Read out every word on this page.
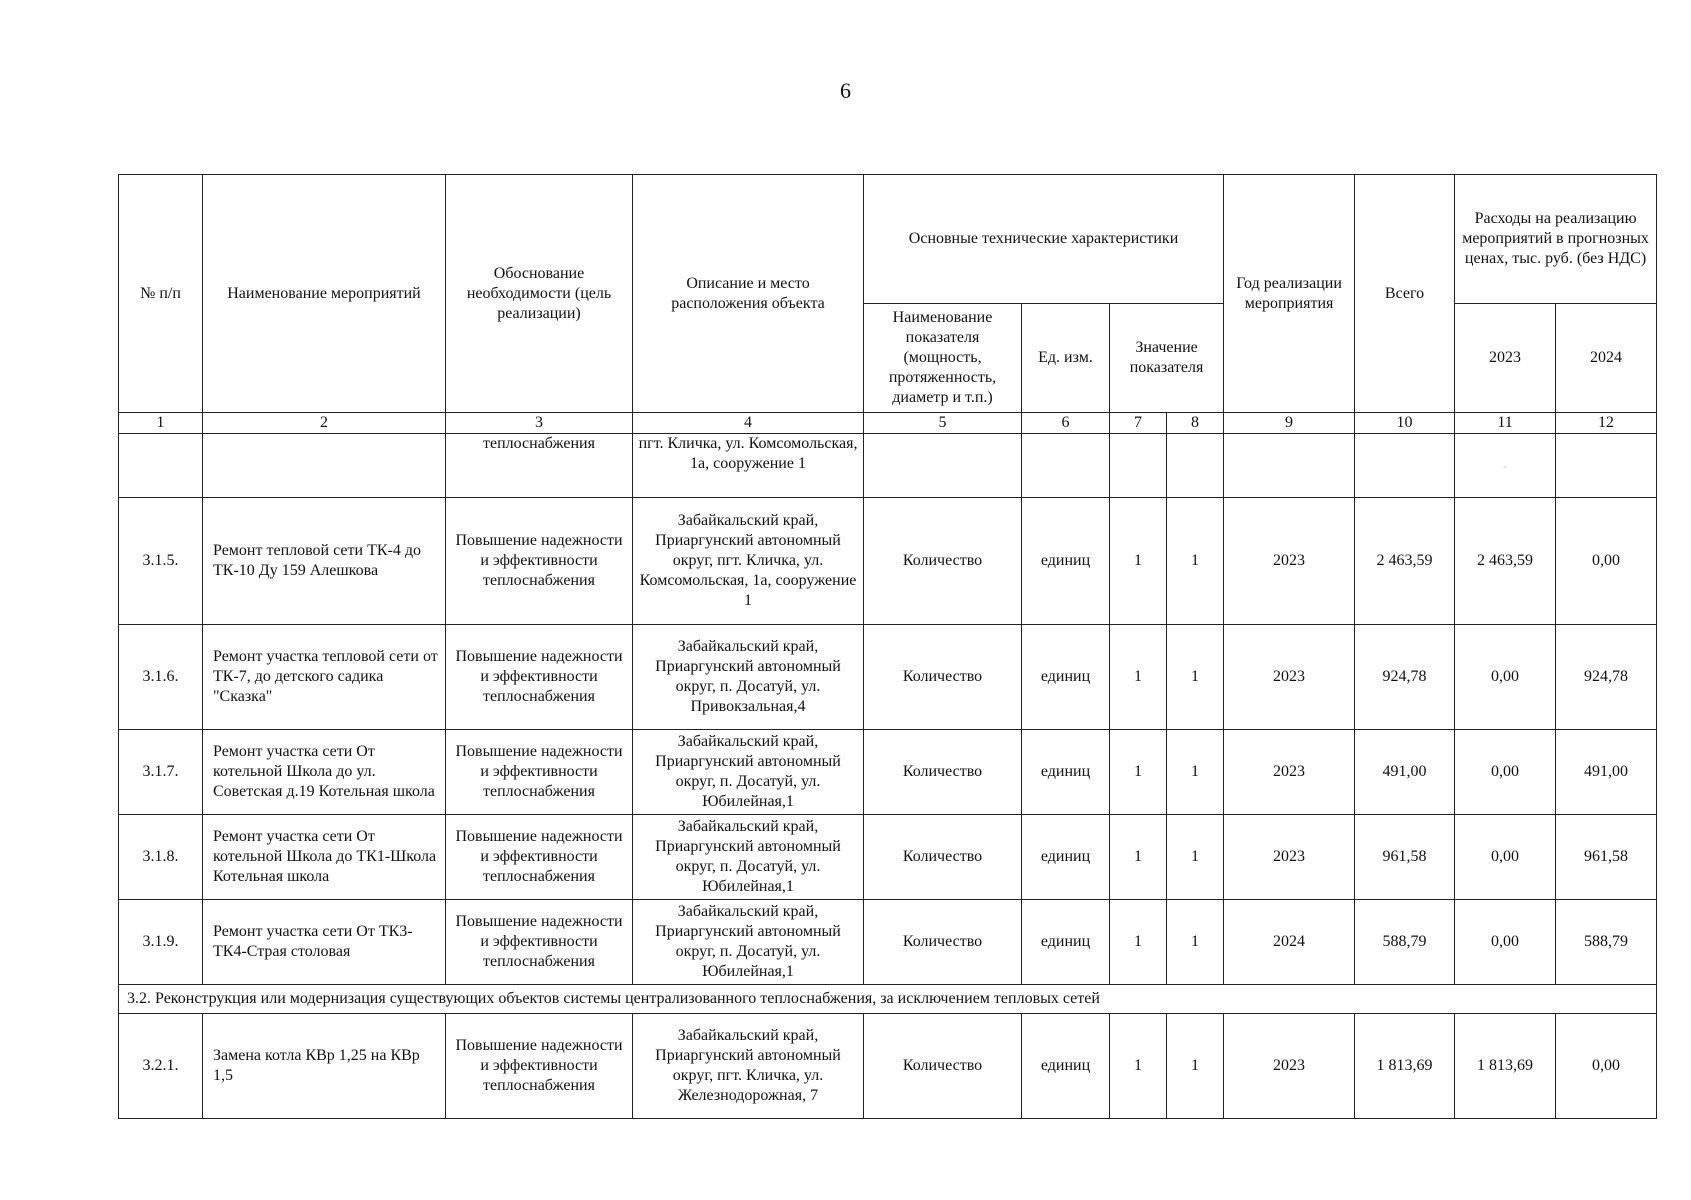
6
№ п/п	Наименование мероприятий	Обоснование необходимости (цель реализации)	Описание и место расположения объекта	Основные технические характеристики				Год реализации мероприятия	Всего	Расходы на реализацию мероприятий в прогнозных ценах, тыс. руб. (без НДС)	
				Наименование показателя (мощность, протяженность, диаметр и т.п.)	Ед. изм.	Значение показателя				2023	2024
1	2	3	4	5	6	7	8	9	10	11	12
		теплоснабжения	пгт. Кличка, ул. Комсомольская, 1а, сооружение 1							-	
3.1.5.	Ремонт тепловой сети ТК-4 до ТК-10 Ду 159 Алешкова	Повышение надежности и эффективности теплоснабжения	Забайкальский край, Приаргунский автономный округ, пгт. Кличка, ул. Комсомольская, 1а, сооружение 1	Количество	единиц	1	1	2023	2 463,59	2 463,59	0,00
3.1.6.	Ремонт участка тепловой сети от ТК-7, до детского садика "Сказка"	Повышение надежности и эффективности теплоснабжения	Забайкальский край, Приаргунский автономный округ, п. Досатуй, ул. Привокзальная,4	Количество	единиц	1	1	2023	924,78	0,00	924,78
3.1.7.	Ремонт участка сети От котельной Школа до ул. Советская д.19 Котельная школа	Повышение надежности и эффективности теплоснабжения	Забайкальский край, Приаргунский автономный округ, п. Досатуй, ул. Юбилейная,1	Количество	единиц	1	1	2023	491,00	0,00	491,00
3.1.8.	Ремонт участка сети От котельной Школа до ТК1-Школа Котельная школа	Повышение надежности и эффективности теплоснабжения	Забайкальский край, Приаргунский автономный округ, п. Досатуй, ул. Юбилейная,1	Количество	единиц	1	1	2023	961,58	0,00	961,58
3.1.9.	Ремонт участка сети От ТК3-ТК4-Страя столовая	Повышение надежности и эффективности теплоснабжения	Забайкальский край, Приаргунский автономный округ, п. Досатуй, ул. Юбилейная,1	Количество	единиц	1	1	2024	588,79	0,00	588,79
3.2. Реконструкция или модернизация существующих объектов системы централизованного теплоснабжения, за исключением тепловых сетей											
3.2.1.	Замена котла КВр 1,25 на КВр 1,5	Повышение надежности и эффективности теплоснабжения	Забайкальский край, Приаргунский автономный округ, пгт. Кличка, ул. Железнодорожная, 7	Количество	единиц	1	1	2023	1 813,69	1 813,69	0,00
